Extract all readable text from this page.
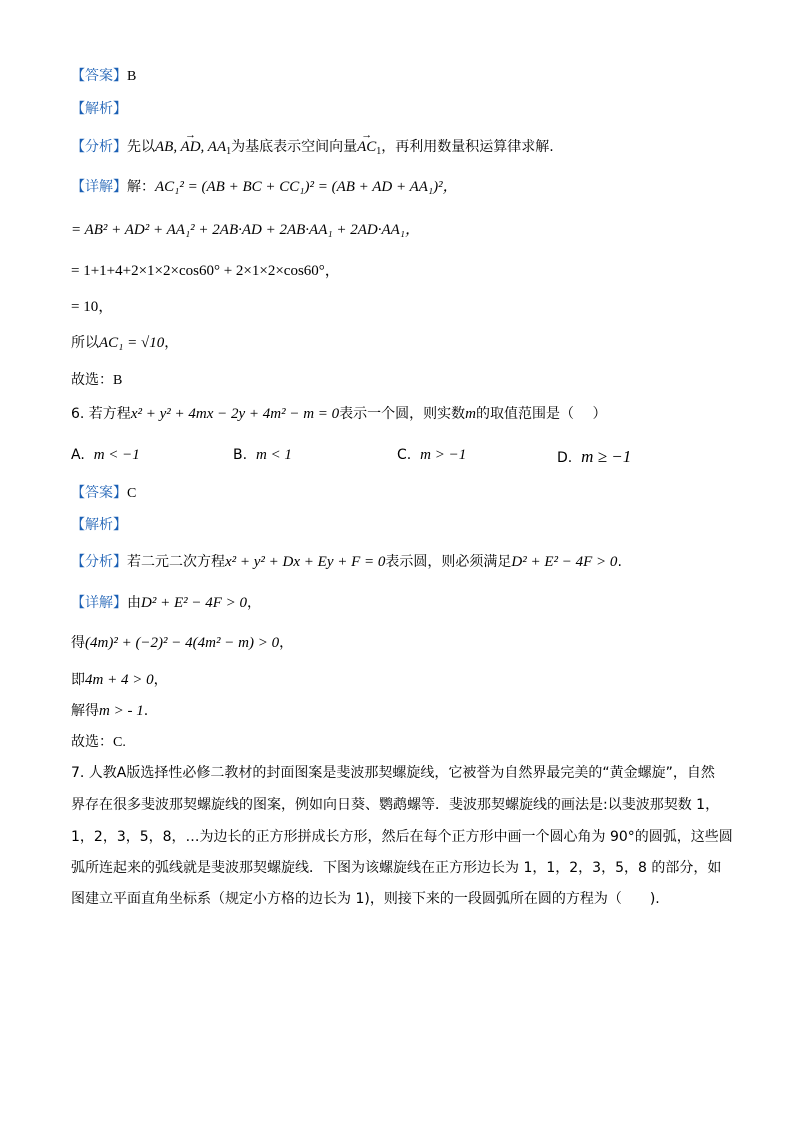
【答案】B
【解析】
【分析】先以→ AB, AD, $AA_1$为基底表示空间向量→ $AC_1$，再利用数量积运算律求解.
【详解】解：AC₁² = (AB + BC + CC₁)² = (AB + AD + AA₁)²，
= AB² + AD² + AA₁² + 2AB·AD + 2AB·AA₁ + 2AD·AA₁，
= 1+1+4+2×1×2×cos60° + 2×1×2×cos60°，
= 10，
所以AC₁ = √10，
故选：B
6. 若方程x² + y² + 4mx − 2y + 4m² − m = 0表示一个圆，则实数m的取值范围是（　 ）
A. m < −1	B. m < 1	C. m > −1	D. m ≥ −1
【答案】C
【解析】
【分析】若二元二次方程x² + y² + Dx + Ey + F = 0表示圆，则必须满足D² + E² − 4F > 0.
【详解】由D² + E² − 4F > 0，
得(4m)² + (−2)² − 4(4m² − m) > 0，
即4m + 4 > 0，
解得m > - 1.
故选：C.
7. 人教A版选择性必修二教材的封面图案是斐波那契螺旋线，它被誉为自然界最完美的“黄金螺旋”，自然
界存在很多斐波那契螺旋线的图案，例如向日葵、鹦鹉螺等．斐波那契螺旋线的画法是:以斐波那契数 1，
1，2，3，5，8，…为边长的正方形拼成长方形，然后在每个正方形中画一个圆心角为 90°的圆弧，这些圆
弧所连起来的弧线就是斐波那契螺旋线．下图为该螺旋线在正方形边长为 1，1，2，3，5，8 的部分，如
图建立平面直角坐标系（规定小方格的边长为 1)，则接下来的一段圆弧所在圆的方程为（　　).
